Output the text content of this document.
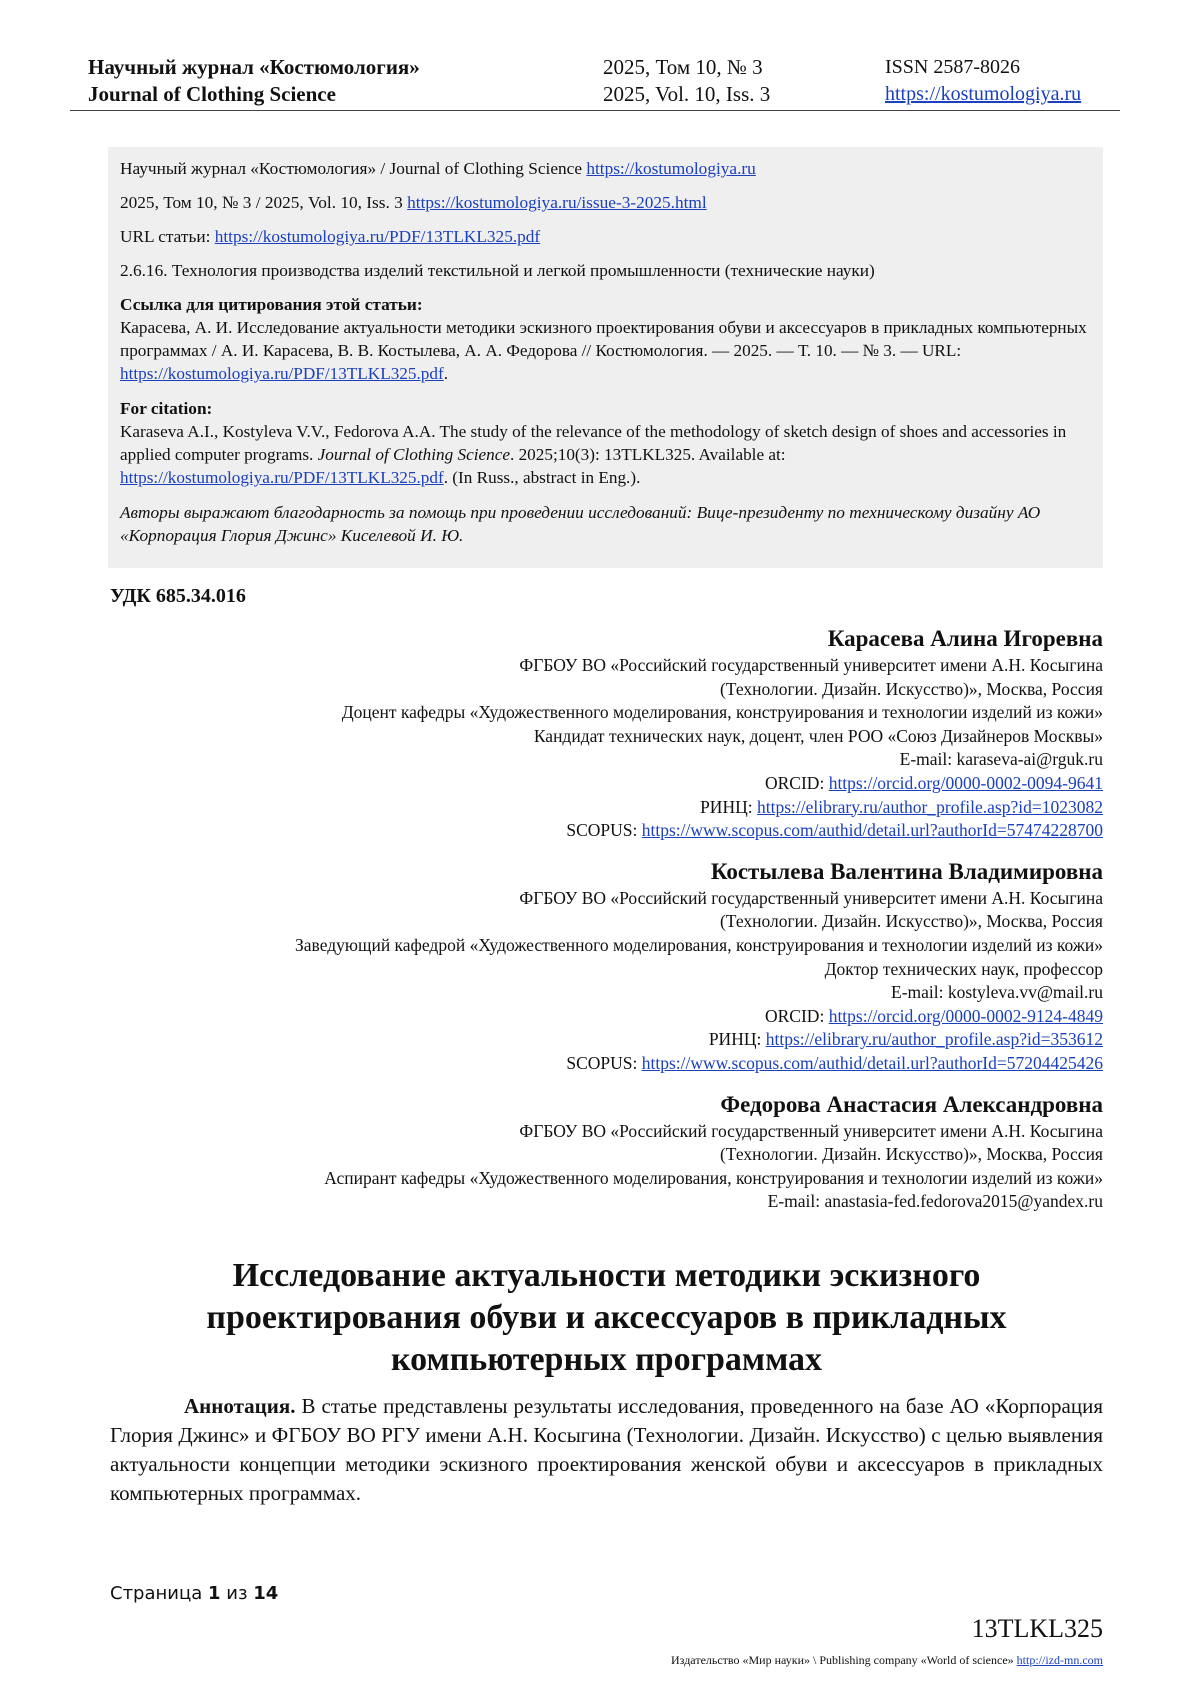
Научный журнал «Костюмология»
Journal of Clothing Science
2025, Том 10, № 3
2025, Vol. 10, Iss. 3
ISSN 2587-8026
https://kostumologiya.ru

Научный журнал «Костюмология» / Journal of Clothing Science https://kostumologiya.ru

2025, Том 10, № 3 / 2025, Vol. 10, Iss. 3 https://kostumologiya.ru/issue-3-2025.html

URL статьи: https://kostumologiya.ru/PDF/13TLKL325.pdf

2.6.16. Технология производства изделий текстильной и легкой промышленности (технические науки)

Ссылка для цитирования этой статьи:

Карасева, А. И. Исследование актуальности методики эскизного проектирования обуви и аксессуаров в прикладных компьютерных программах / А. И. Карасева, В. В. Костылева, А. А. Федорова // Костюмология. — 2025. — Т. 10. — № 3. — URL: https://kostumologiya.ru/PDF/13TLKL325.pdf.

For citation:

Karaseva A.I., Kostyleva V.V., Fedorova A.A. The study of the relevance of the methodology of sketch design of shoes and accessories in applied computer programs. Journal of Clothing Science. 2025;10(3): 13TLKL325. Available at: https://kostumologiya.ru/PDF/13TLKL325.pdf. (In Russ., abstract in Eng.).

Авторы выражают благодарность за помощь при проведении исследований: Вице-президенту по техническому дизайну АО «Корпорация Глория Джинс» Киселевой И. Ю.

УДК 685.34.016
Карасева Алина Игоревна
ФГБОУ ВО «Российский государственный университет имени А.Н. Косыгина
(Технологии. Дизайн. Искусство)», Москва, Россия
Доцент кафедры «Художественного моделирования, конструирования и технологии изделий из кожи»
Кандидат технических наук, доцент, член РОО «Союз Дизайнеров Москвы»
E-mail: karaseva-ai@rguk.ru
ORCID: https://orcid.org/0000-0002-0094-9641
РИНЦ: https://elibrary.ru/author_profile.asp?id=1023082
SCOPUS: https://www.scopus.com/authid/detail.url?authorId=57474228700
Костылева Валентина Владимировна
ФГБОУ ВО «Российский государственный университет имени А.Н. Косыгина
(Технологии. Дизайн. Искусство)», Москва, Россия
Заведующий кафедрой «Художественного моделирования, конструирования и технологии изделий из кожи»
Доктор технических наук, профессор
E-mail: kostyleva.vv@mail.ru
ORCID: https://orcid.org/0000-0002-9124-4849
РИНЦ: https://elibrary.ru/author_profile.asp?id=353612
SCOPUS: https://www.scopus.com/authid/detail.url?authorId=57204425426
Федорова Анастасия Александровна
ФГБОУ ВО «Российский государственный университет имени А.Н. Косыгина
(Технологии. Дизайн. Искусство)», Москва, Россия
Аспирант кафедры «Художественного моделирования, конструирования и технологии изделий из кожи»
E-mail: anastasia-fed.fedorova2015@yandex.ru
Исследование актуальности методики эскизного проектирования обуви и аксессуаров в прикладных компьютерных программах
Аннотация. В статье представлены результаты исследования, проведенного на базе АО «Корпорация Глория Джинс» и ФГБОУ ВО РГУ имени А.Н. Косыгина (Технологии. Дизайн. Искусство) с целью выявления актуальности концепции методики эскизного проектирования женской обуви и аксессуаров в прикладных компьютерных программах.
Страница 1 из 14
13TLKL325
Издательство «Мир науки» \ Publishing company «World of science» http://izd-mn.com
